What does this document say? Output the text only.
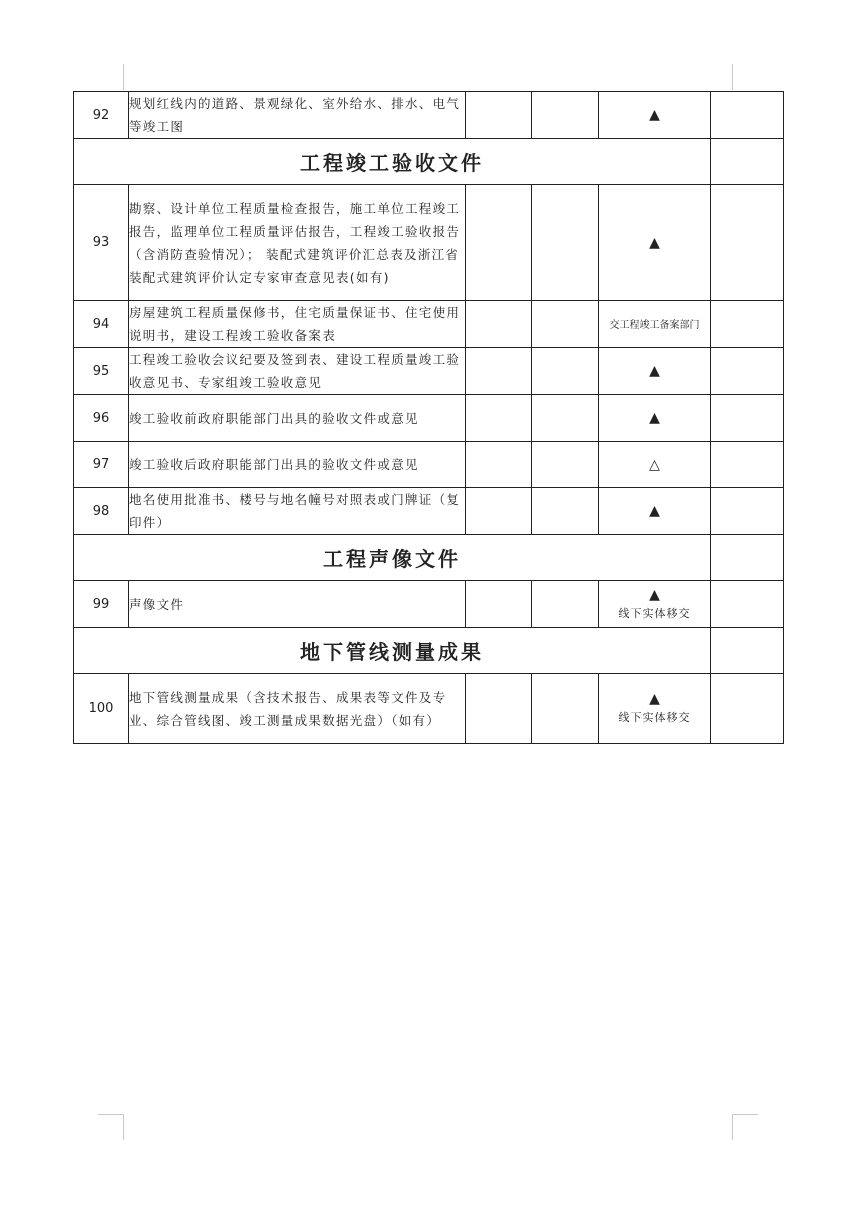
92	规划红线内的道路、景观绿化、室外给水、排水、电气等竣工图			▲	
工程竣工验收文件					
93	勘察、设计单位工程质量检查报告，施工单位工程竣工报告，监理单位工程质量评估报告，工程竣工验收报告（含消防查验情况）； 装配式建筑评价汇总表及浙江省装配式建筑评价认定专家审查意见表(如有)			▲	
94	房屋建筑工程质量保修书，住宅质量保证书、住宅使用说明书，建设工程竣工验收备案表			交工程竣工备案部门	
95	工程竣工验收会议纪要及签到表、建设工程质量竣工验收意见书、专家组竣工验收意见			▲	
96	竣工验收前政府职能部门出具的验收文件或意见			▲	
97	竣工验收后政府职能部门出具的验收文件或意见			△	
98	地名使用批准书、楼号与地名幢号对照表或门牌证（复印件）			▲	
工程声像文件					
99	声像文件			▲
线下实体移交	

地下管线测量成果					
100	地下管线测量成果（含技术报告、成果表等文件及专业、综合管线图、竣工测量成果数据光盘）（如有）			▲
线下实体移交	
